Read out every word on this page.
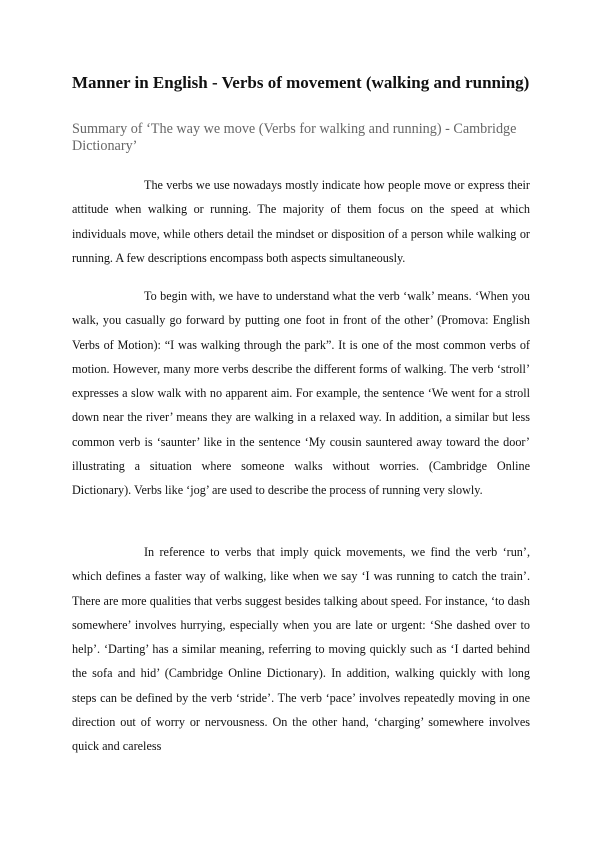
Manner in English - Verbs of movement (walking and running)

Summary of ‘The way we move (Verbs for walking and running) - Cambridge Dictionary’

The verbs we use nowadays mostly indicate how people move or express their attitude when walking or running. The majority of them focus on the speed at which individuals move, while others detail the mindset or disposition of a person while walking or running. A few descriptions encompass both aspects simultaneously.

To begin with, we have to understand what the verb ‘walk’ means. ‘When you walk, you casually go forward by putting one foot in front of the other’ (Promova: English Verbs of Motion): “I was walking through the park”. It is one of the most common verbs of motion. However, many more verbs describe the different forms of walking. The verb ‘stroll’ expresses a slow walk with no apparent aim. For example, the sentence ‘We went for a stroll down near the river’ means they are walking in a relaxed way. In addition, a similar but less common verb is ‘saunter’ like in the sentence ‘My cousin sauntered away toward the door’ illustrating a situation where someone walks without worries. (Cambridge Online Dictionary). Verbs like ‘jog’ are used to describe the process of running very slowly.

In reference to verbs that imply quick movements, we find the verb ‘run’, which defines a faster way of walking, like when we say ‘I was running to catch the train’. There are more qualities that verbs suggest besides talking about speed. For instance, ‘to dash somewhere’ involves hurrying, especially when you are late or urgent: ‘She dashed over to help’. ‘Darting’ has a similar meaning, referring to moving quickly such as ‘I darted behind the sofa and hid’ (Cambridge Online Dictionary). In addition, walking quickly with long steps can be defined by the verb ‘stride’. The verb ‘pace’ involves repeatedly moving in one direction out of worry or nervousness. On the other hand, ‘charging’ somewhere involves quick and careless
